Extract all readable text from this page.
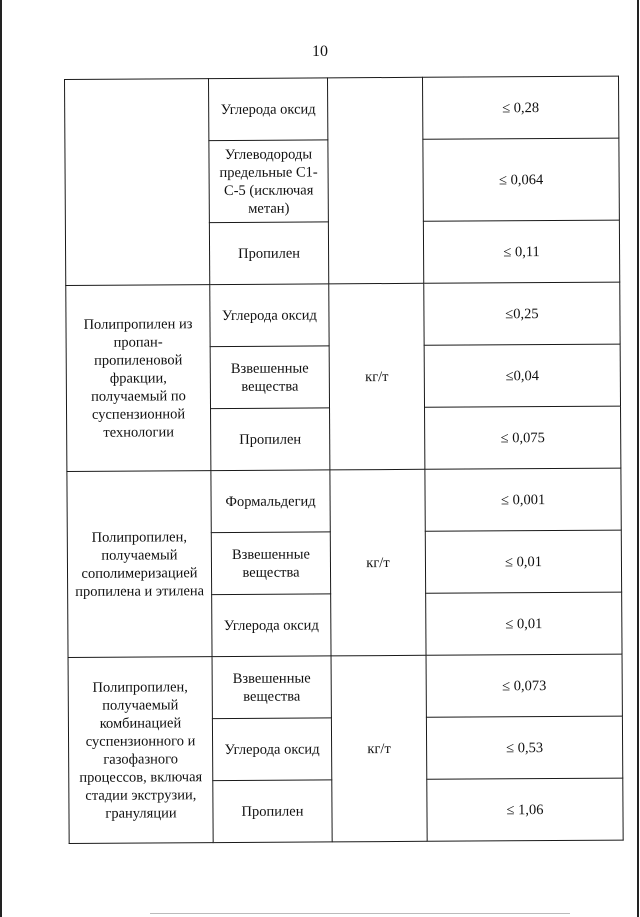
10
	Углерода оксид		≤ 0,28
	Углеводороды предельные С1-С-5 (исключая метан)		≤ 0,064
	Пропилен		≤ 0,11
Полипропилен из пропан-пропиленовой фракции, получаемый по суспензионной технологии	Углерода оксид	кг/т	≤0,25
	Взвешенные вещества		≤0,04
	Пропилен		≤ 0,075
Полипропилен, получаемый сополимеризацией пропилена и этилена	Формальдегид	кг/т	≤ 0,001
	Взвешенные вещества		≤ 0,01
	Углерода оксид		≤ 0,01
Полипропилен, получаемый комбинацией суспензионного и газофазного процессов, включая стадии экструзии, грануляции	Взвешенные вещества	кг/т	≤ 0,073
	Углерода оксид		≤ 0,53
	Пропилен		≤ 1,06
